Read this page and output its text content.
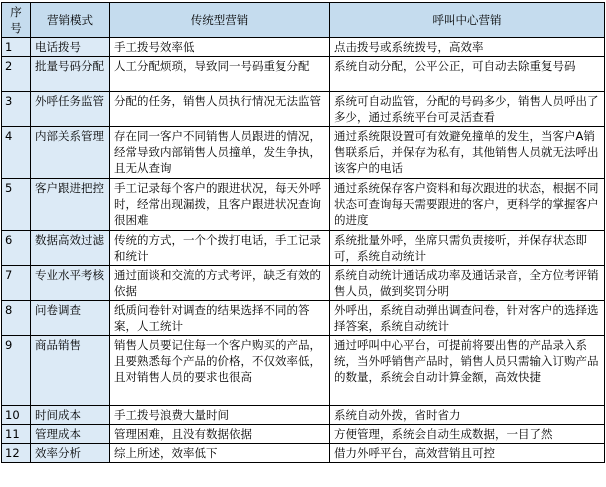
序号	营销模式	传统型营销	呼叫中心营销
1	电话拨号	手工拨号效率低	点击拨号或系统拨号，高效率
2	批量号码分配	人工分配烦琐，导致同一号码重复分配	系统自动分配，公平公正，可自动去除重复号码
3	外呼任务监管	分配的任务，销售人员执行情况无法监管	系统可自动监管，分配的号码多少，销售人员呼出了多少，通过系统平台可灵活查看
4	内部关系管理	存在同一客户不同销售人员跟进的情况，经常导致内部销售人员撞单，发生争执，且无从查询	通过系统限设置可有效避免撞单的发生，当客户A销售联系后，并保存为私有，其他销售人员就无法呼出该客户的电话
5	客户跟进把控	手工记录每个客户的跟进状况，每天外呼时，经常出现漏拨，且客户跟进状况查询很困难	通过系统保存客户资料和每次跟进的状态，根据不同状态可查询每天需要跟进的客户，更科学的掌握客户的进度
6	数据高效过滤	传统的方式，一个个拨打电话，手工记录和统计	系统批量外呼，坐席只需负责接听，并保存状态即可，系统自动统计
7	专业水平考核	通过面谈和交流的方式考评，缺乏有效的依据	系统自动统计通话成功率及通话录音，全方位考评销售人员，做到奖罚分明
8	问卷调查	纸质问卷针对调查的结果选择不同的答案，人工统计	外呼出，系统自动弹出调查问卷，针对客户的选择选择答案，系统自动统计
9	商品销售	销售人员要记住每一个客户购买的产品，且要熟悉每个产品的价格，不仅效率低，且对销售人员的要求也很高	通过呼叫中心平台，可提前将要出售的产品录入系统，当外呼销售产品时，销售人员只需输入订购产品的数量，系统会自动计算金额，高效快捷
10	时间成本	手工拨号浪费大量时间	系统自动外拨，省时省力
11	管理成本	管理困难，且没有数据依据	方便管理，系统会自动生成数据，一目了然
12	效率分析	综上所述，效率低下	借力外呼平台，高效营销且可控
